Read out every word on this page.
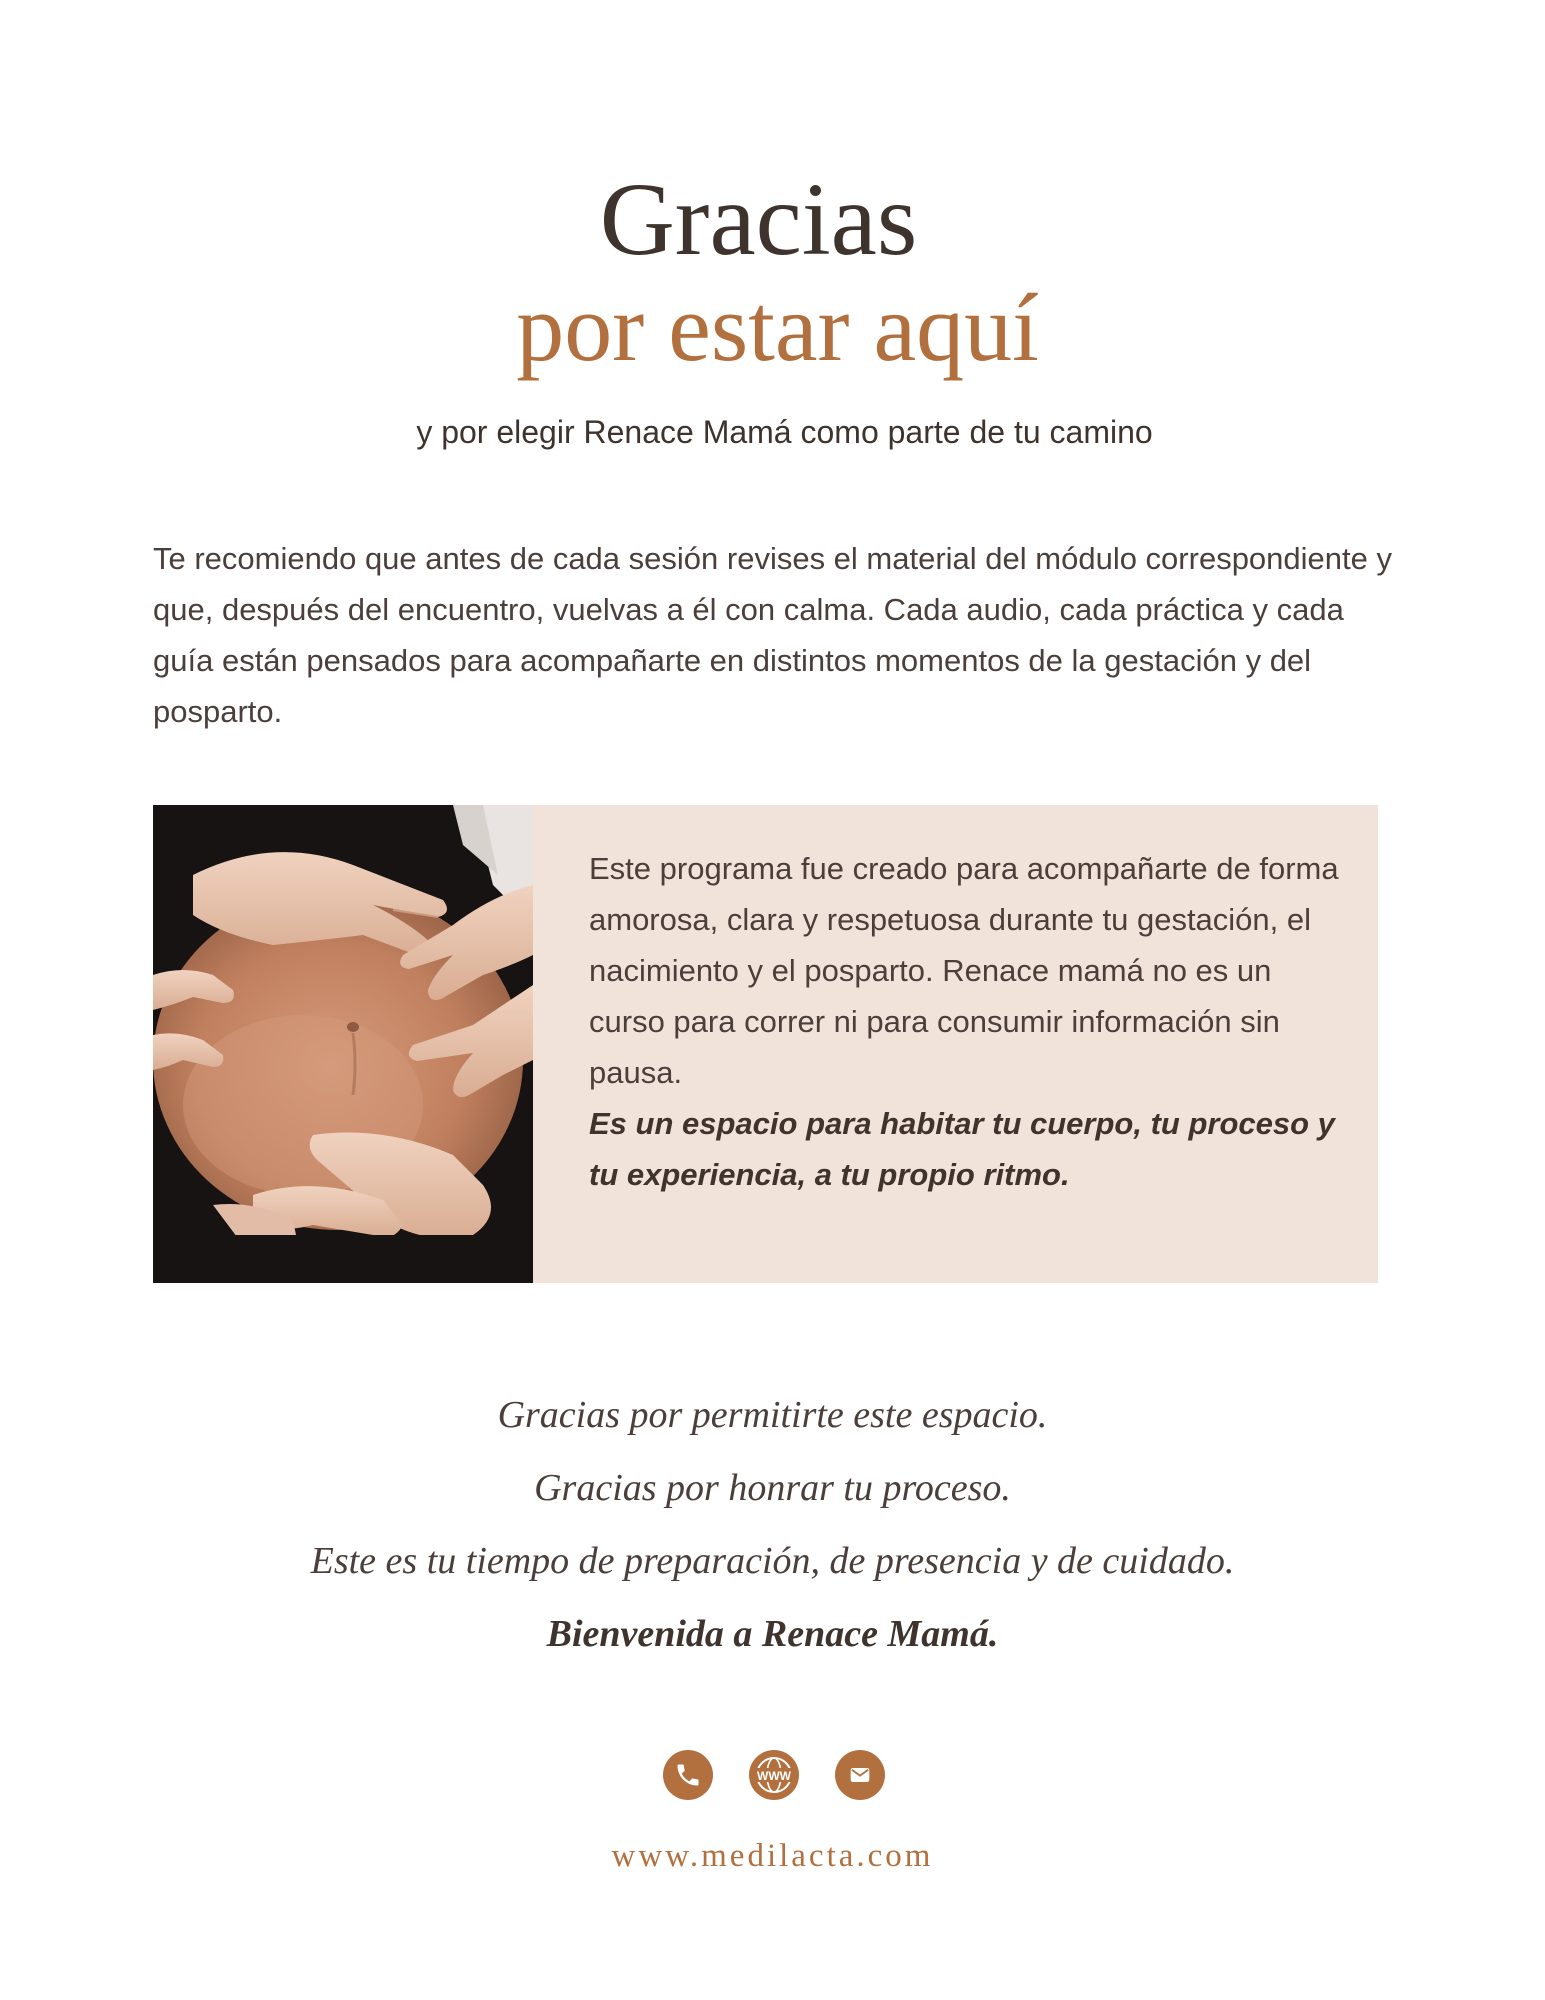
Gracias
por estar aquí
y por elegir Renace Mamá como parte de tu camino

Te recomiendo que antes de cada sesión revises el material del módulo correspondiente y que, después del encuentro, vuelvas a él con calma. Cada audio, cada práctica y cada guía están pensados para acompañarte en distintos momentos de la gestación y del posparto.

Este programa fue creado para acompañarte de forma amorosa, clara y respetuosa durante tu gestación, el nacimiento y el posparto. Renace mamá no es un curso para correr ni para consumir información sin pausa.

Es un espacio para habitar tu cuerpo, tu proceso y tu experiencia, a tu propio ritmo.

Gracias por permitirte este espacio.
Gracias por honrar tu proceso.
Este es tu tiempo de preparación, de presencia y de cuidado.
Bienvenida a Renace Mamá.
WWW
www.medilacta.com
